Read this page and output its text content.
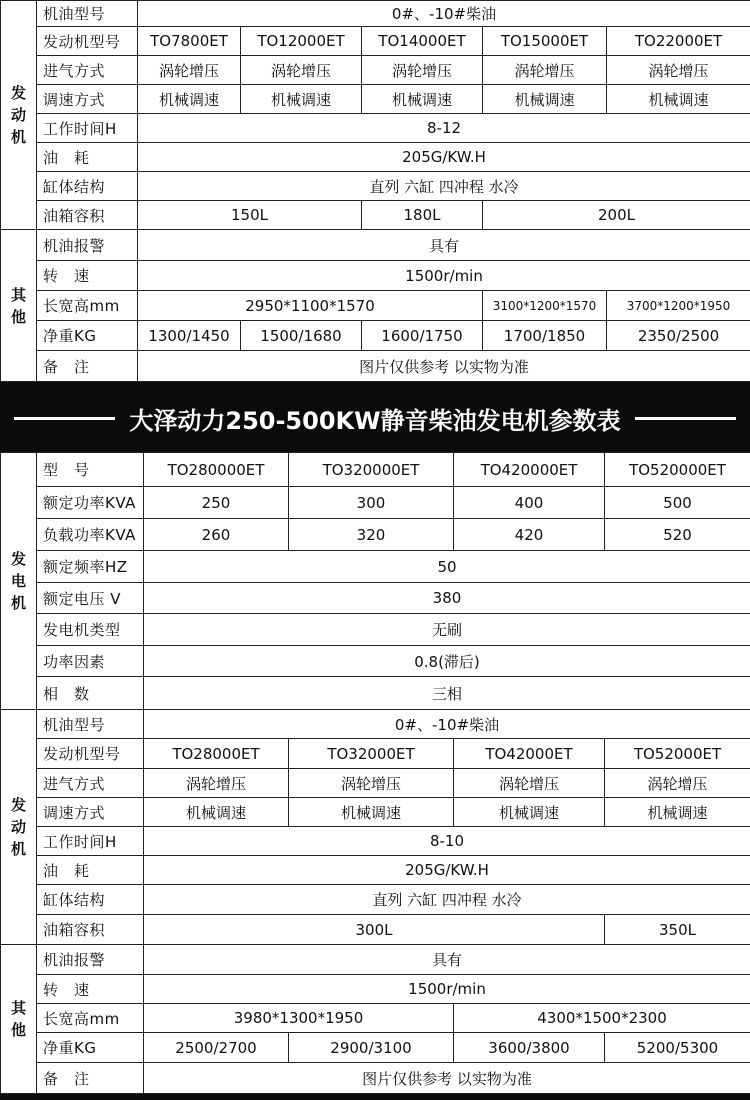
发
动
机	机油型号	0#、-10#柴油				
	发动机型号	TO7800ET	TO12000ET	TO14000ET	TO15000ET	TO22000ET
	进气方式	涡轮增压	涡轮增压	涡轮增压	涡轮增压	涡轮增压
	调速方式	机械调速	机械调速	机械调速	机械调速	机械调速
	工作时间H	8-12				
	油　耗	205G/KW.H				
	缸体结构	直列 六缸 四冲程 水冷				
	油箱容积	150L		180L	200L	

其
他	机油报警	具有				
	转　速	1500r/min				
	长宽高mm	2950*1100*1570			3100*1200*1570	3700*1200*1950
	净重KG	1300/1450	1500/1680	1600/1750	1700/1850	2350/2500
	备　注	图片仅供参考 以实物为准				
大泽动力250-500KW静音柴油发电机参数表
发
电
机	型　号	TO280000ET	TO320000ET	TO420000ET	TO520000ET
	额定功率KVA	250	300	400	500
	负载功率KVA	260	320	420	520
	额定频率HZ	50			
	额定电压 V	380			
	发电机类型	无刷			
	功率因素	0.8(滞后)			
	相　数	三相			

发
动
机	机油型号	0#、-10#柴油			
	发动机型号	TO28000ET	TO32000ET	TO42000ET	TO52000ET
	进气方式	涡轮增压	涡轮增压	涡轮增压	涡轮增压
	调速方式	机械调速	机械调速	机械调速	机械调速
	工作时间H	8-10			
	油　耗	205G/KW.H			
	缸体结构	直列 六缸 四冲程 水冷			
	油箱容积	300L			350L

其
他	机油报警	具有			
	转　速	1500r/min			
	长宽高mm	3980*1300*1950		4300*1500*2300	
	净重KG	2500/2700	2900/3100	3600/3800	5200/5300
	备　注	图片仅供参考 以实物为准			
